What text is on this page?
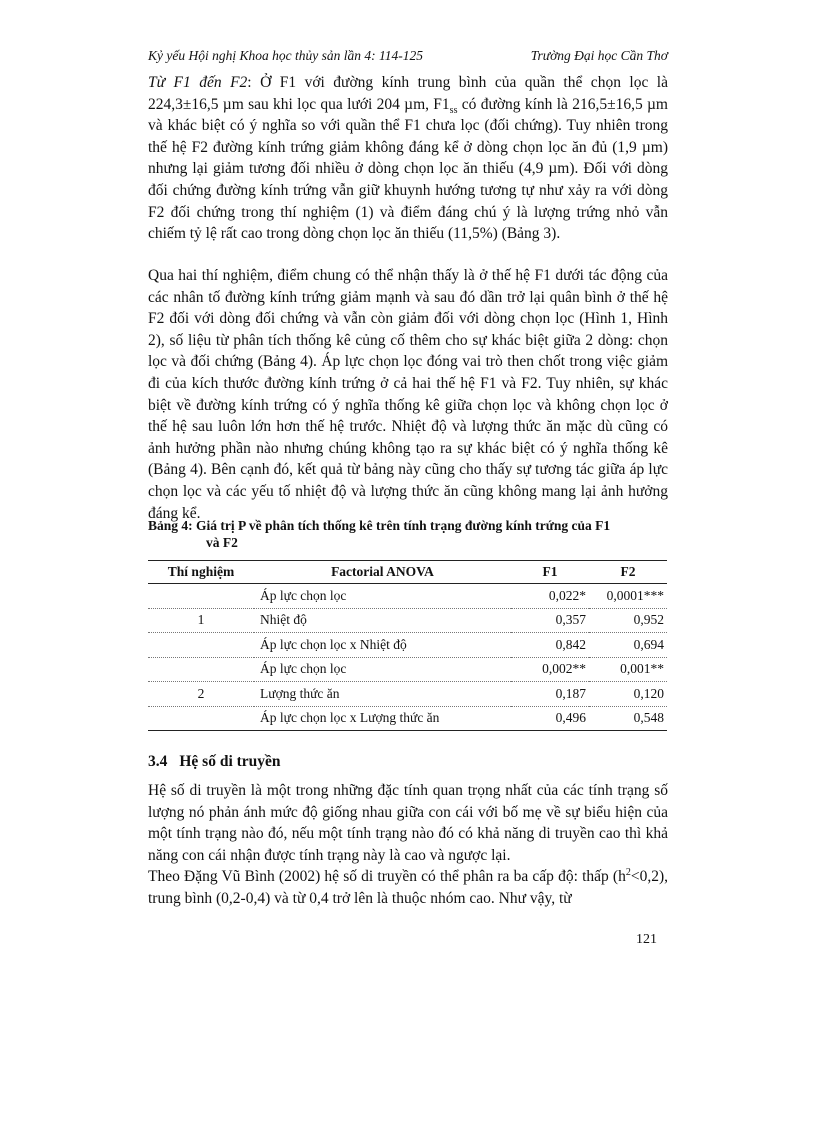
Kỷ yếu Hội nghị Khoa học thủy sản lần 4: 114-125	Trường Đại học Cần Thơ

Từ F1 đến F2: Ở F1 với đường kính trung bình của quần thể chọn lọc là 224,3±16,5 µm sau khi lọc qua lưới 204 µm, $F1_{ss}$ có đường kính là 216,5±16,5 µm và khác biệt có ý nghĩa so với quần thể F1 chưa lọc (đối chứng). Tuy nhiên trong thế hệ F2 đường kính trứng giảm không đáng kể ở dòng chọn lọc ăn đủ (1,9 µm) nhưng lại giảm tương đối nhiều ở dòng chọn lọc ăn thiếu (4,9 µm). Đối với dòng đối chứng đường kính trứng vẫn giữ khuynh hướng tương tự như xảy ra với dòng F2 đối chứng trong thí nghiệm (1) và điểm đáng chú ý là lượng trứng nhỏ vẫn chiếm tỷ lệ rất cao trong dòng chọn lọc ăn thiếu (11,5%) (Bảng 3).

Qua hai thí nghiệm, điểm chung có thể nhận thấy là ở thế hệ F1 dưới tác động của các nhân tố đường kính trứng giảm mạnh và sau đó dần trở lại quân bình ở thế hệ F2 đối với dòng đối chứng và vẫn còn giảm đối với dòng chọn lọc (Hình 1, Hình 2), số liệu từ phân tích thống kê củng cố thêm cho sự khác biệt giữa 2 dòng: chọn lọc và đối chứng (Bảng 4). Áp lực chọn lọc đóng vai trò then chốt trong việc giảm đi của kích thước đường kính trứng ở cả hai thế hệ F1 và F2. Tuy nhiên, sự khác biệt về đường kính trứng có ý nghĩa thống kê giữa chọn lọc và không chọn lọc ở thế hệ sau luôn lớn hơn thế hệ trước. Nhiệt độ và lượng thức ăn mặc dù cũng có ảnh hưởng phần nào nhưng chúng không tạo ra sự khác biệt có ý nghĩa thống kê (Bảng 4). Bên cạnh đó, kết quả từ bảng này cũng cho thấy sự tương tác giữa áp lực chọn lọc và các yếu tố nhiệt độ và lượng thức ăn cũng không mang lại ảnh hưởng đáng kể.

Bảng 4: Giá trị P về phân tích thống kê trên tính trạng đường kính trứng của F1
và F2
Thí nghiệm	Factorial ANOVA	F1	F2
	Áp lực chọn lọc	0,022*	0,0001***
1	Nhiệt độ	0,357	0,952
	Áp lực chọn lọc x Nhiệt độ	0,842	0,694
	Áp lực chọn lọc	0,002**	0,001**
2	Lượng thức ăn	0,187	0,120
	Áp lực chọn lọc x Lượng thức ăn	0,496	0,548
3.4 Hệ số di truyền

Hệ số di truyền là một trong những đặc tính quan trọng nhất của các tính trạng số lượng nó phản ánh mức độ giống nhau giữa con cái với bố mẹ về sự biểu hiện của một tính trạng nào đó, nếu một tính trạng nào đó có khả năng di truyền cao thì khả năng con cái nhận được tính trạng này là cao và ngược lại.

Theo Đặng Vũ Bình (2002) hệ số di truyền có thể phân ra ba cấp độ: thấp $(h^2<0,2)$, trung bình (0,2-0,4) và từ 0,4 trở lên là thuộc nhóm cao. Như vậy, từ

121
